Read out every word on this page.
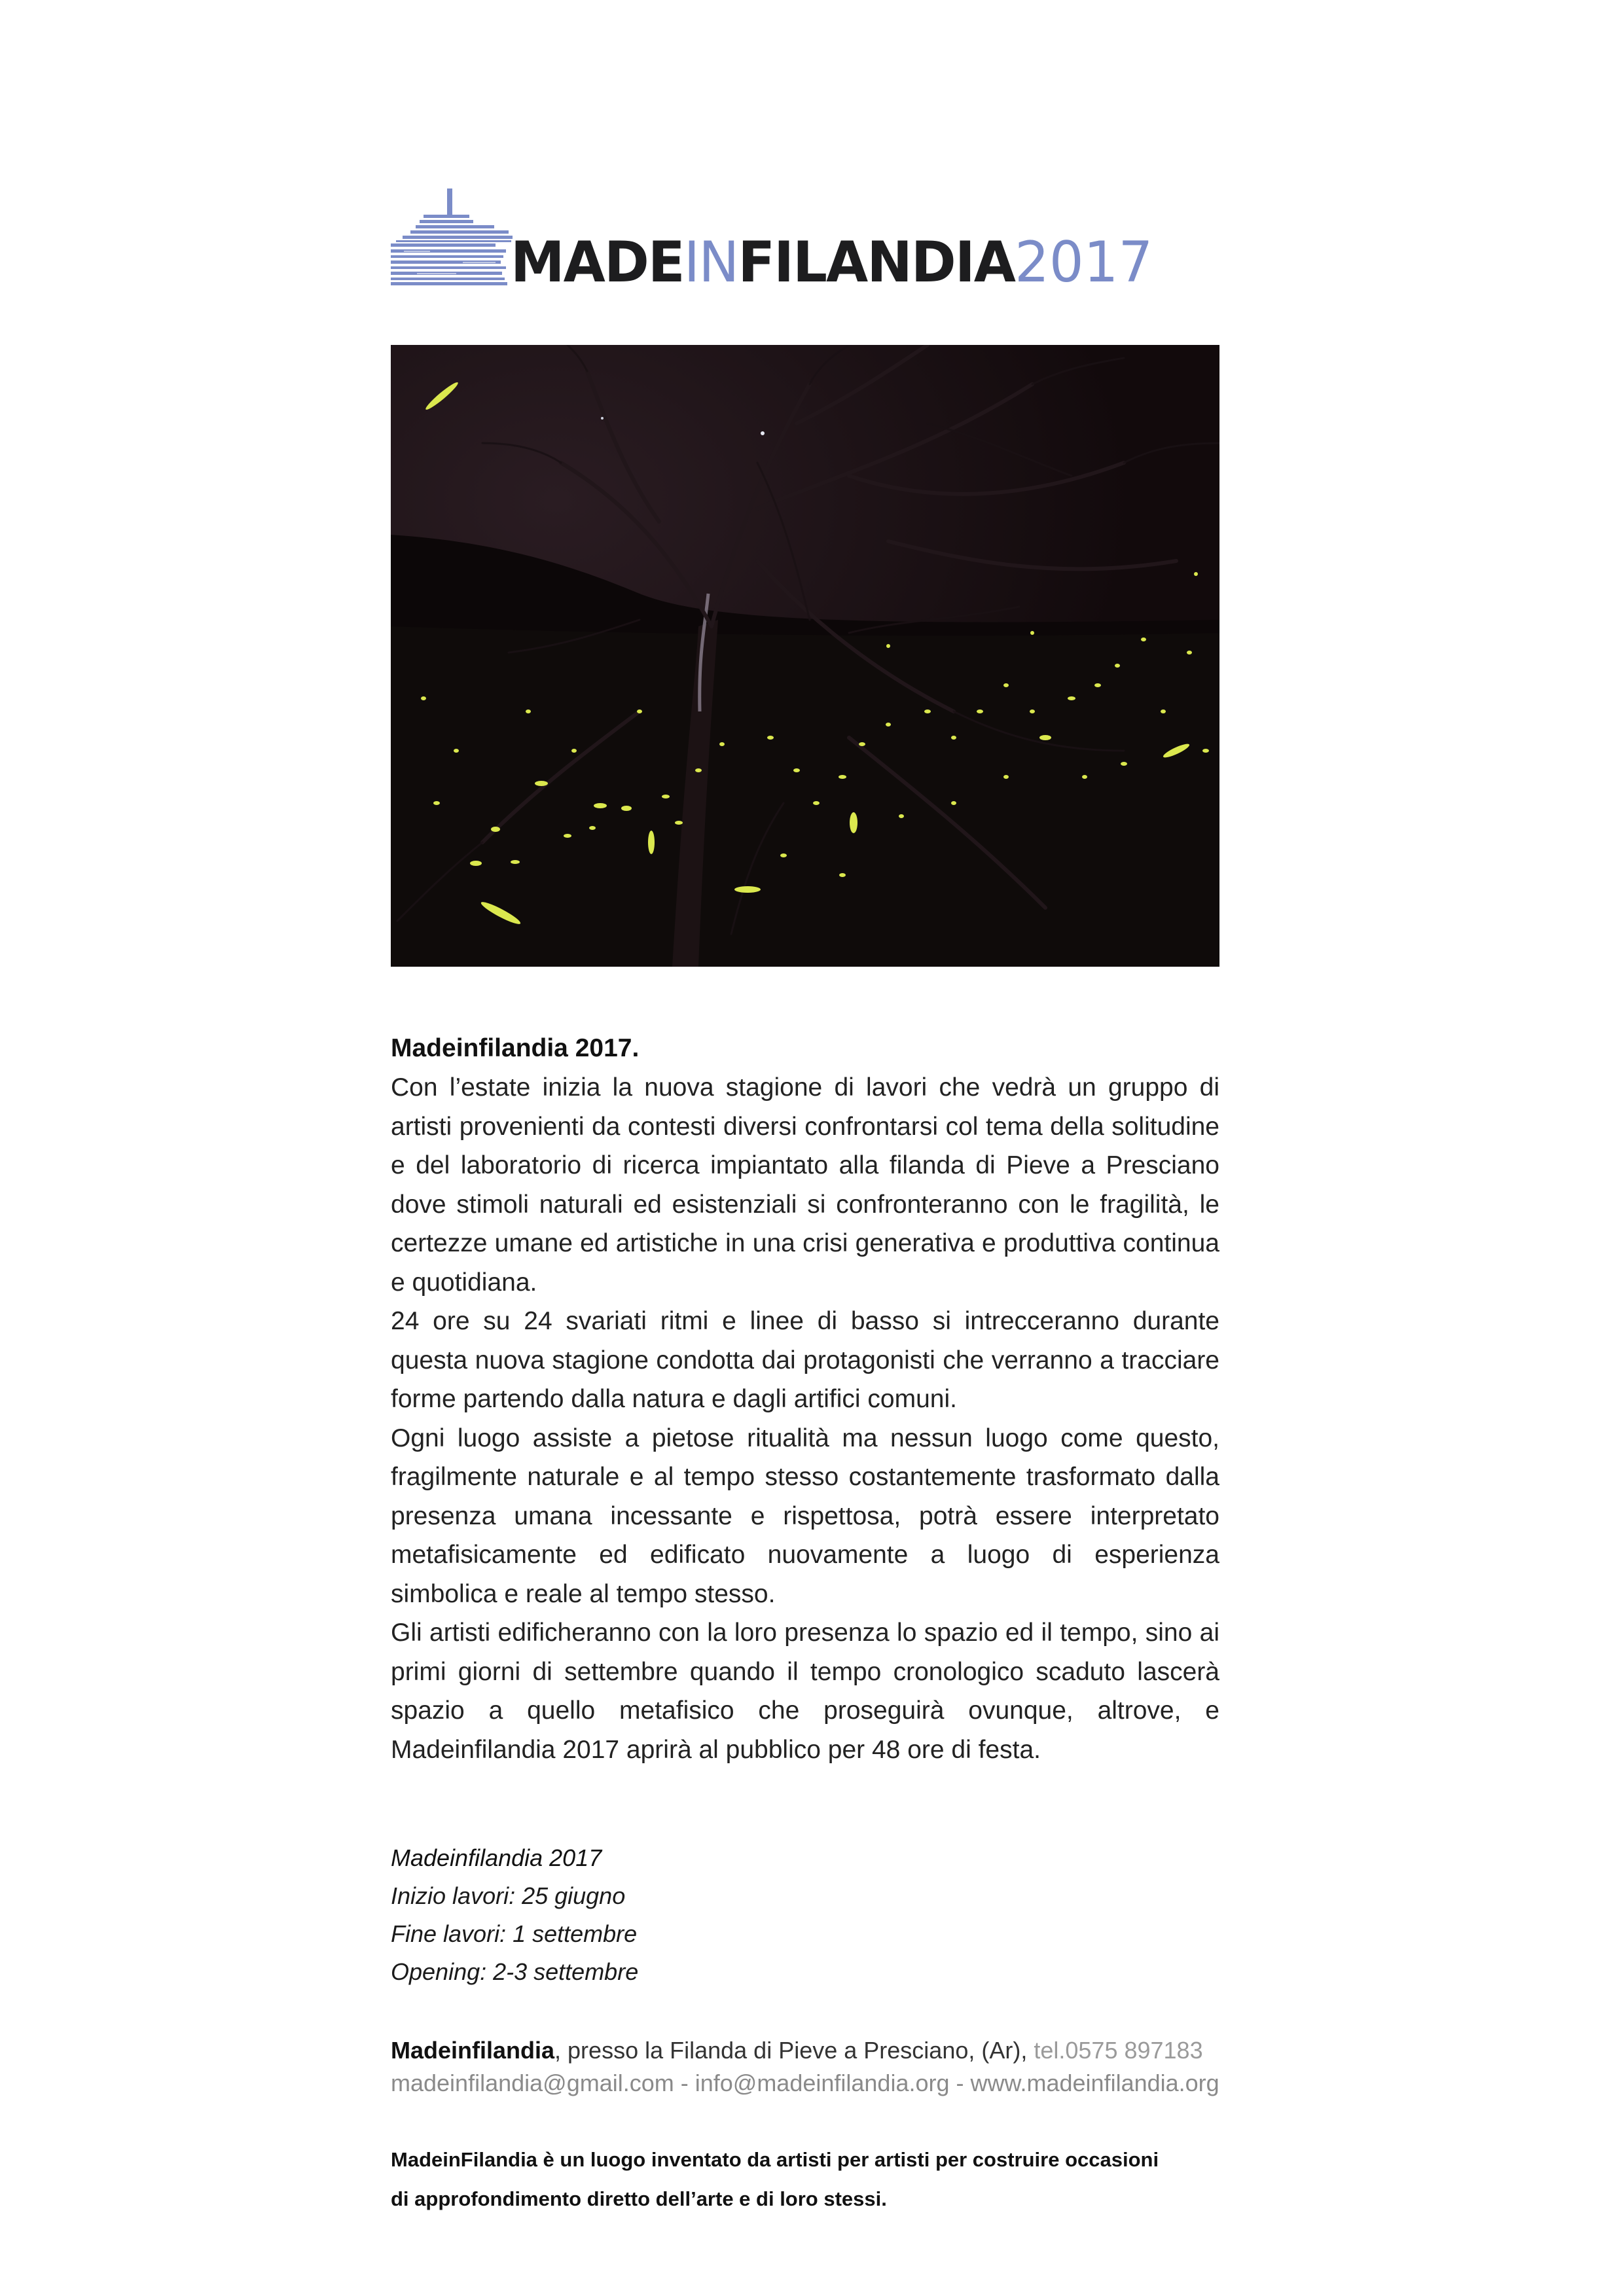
MADEINFILANDIA2017

Madeinfilandia 2017.

Con l’estate inizia la nuova stagione di lavori che vedrà un gruppo di artisti provenienti da contesti diversi confrontarsi col tema della solitudine e del laboratorio di ricerca impiantato alla filanda di Pieve a Presciano dove stimoli naturali ed esistenziali si confronteranno con le fragilità, le certezze umane ed artistiche in una crisi generativa e produttiva continua e quotidiana.

24 ore su 24 svariati ritmi e linee di basso si intrecceranno durante questa nuova stagione condotta dai protagonisti che verranno a tracciare forme partendo dalla natura e dagli artifici comuni.

Ogni luogo assiste a pietose ritualità ma nessun luogo come questo, fragilmente naturale e al tempo stesso costantemente trasformato dalla presenza umana incessante e rispettosa, potrà essere interpretato metafisicamente ed edificato nuovamente a luogo di esperienza simbolica e reale al tempo stesso.

Gli artisti edificheranno con la loro presenza lo spazio ed il tempo, sino ai primi giorni di settembre quando il tempo cronologico scaduto lascerà spazio a quello metafisico che proseguirà ovunque, altrove, e Madeinfilandia 2017 aprirà al pubblico per 48 ore di festa.

Madeinfilandia 2017

Inizio lavori: 25 giugno

Fine lavori: 1 settembre

Opening: 2-3 settembre

Madeinfilandia, presso la Filanda di Pieve a Presciano, (Ar), tel.0575 897183

madeinfilandia@gmail.com - info@madeinfilandia.org - www.madeinfilandia.org

MadeinFilandia è un luogo inventato da artisti per artisti per costruire occasioni

di approfondimento diretto dell’arte e di loro stessi.
